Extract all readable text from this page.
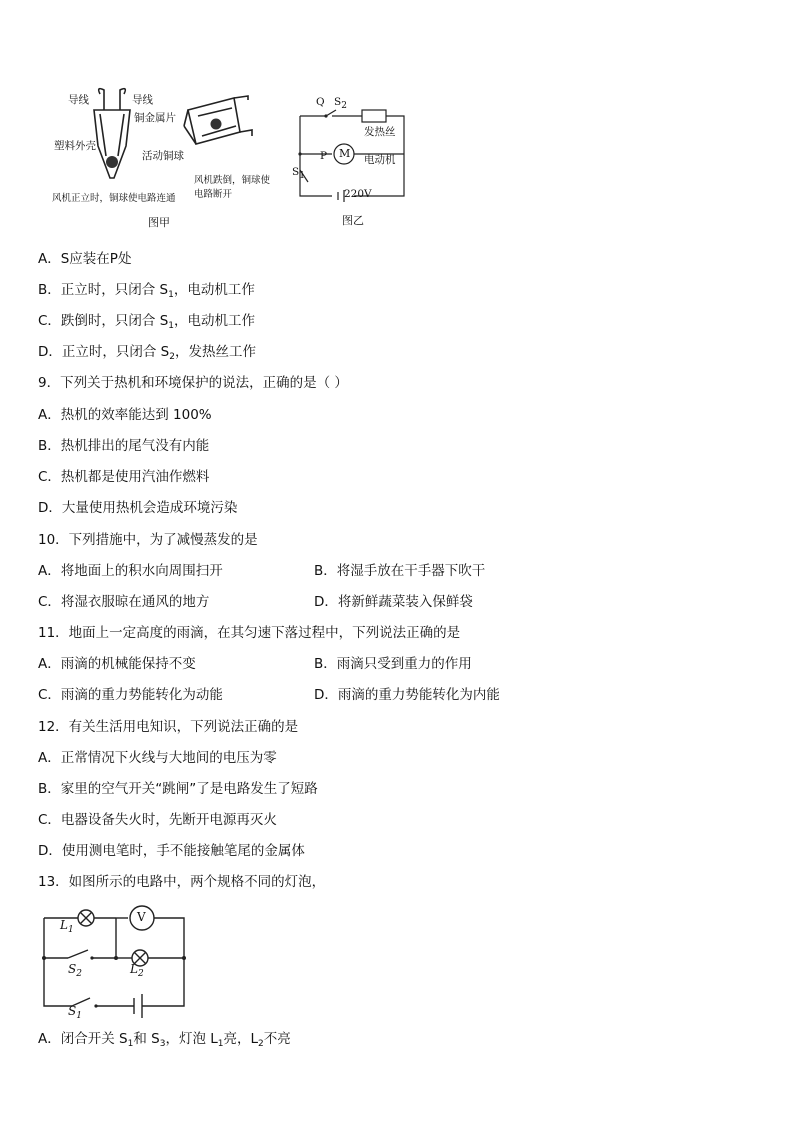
导线	导线
铜金属片
塑料外壳
活动铜球
风机正立时，铜球使电路连通
风机跌倒，铜球使
电路断开
图甲
Q $S_2$
发热丝
P M 电动机
$S_1$
220V
图乙
A．S应装在P处
B．正立时，只闭合 $S_1$，电动机工作
C．跌倒时，只闭合 $S_1$，电动机工作
D．正立时，只闭合 $S_2$，发热丝工作
9．下列关于热机和环境保护的说法，正确的是（ ）
A．热机的效率能达到 100%
B．热机排出的尾气没有内能
C．热机都是使用汽油作燃料
D．大量使用热机会造成环境污染
10．下列措施中，为了减慢蒸发的是
A．将地面上的积水向周围扫开	B．将湿手放在干手器下吹干
C．将湿衣服晾在通风的地方	D．将新鲜蔬菜装入保鲜袋
11．地面上一定高度的雨滴，在其匀速下落过程中，下列说法正确的是
A．雨滴的机械能保持不变	B．雨滴只受到重力的作用
C．雨滴的重力势能转化为动能	D．雨滴的重力势能转化为内能
12．有关生活用电知识，下列说法正确的是
A．正常情况下火线与大地间的电压为零
B．家里的空气开关“跳闸”了是电路发生了短路
C．电器设备失火时，先断开电源再灭火
D．使用测电笔时，手不能接触笔尾的金属体
13．如图所示的电路中，两个规格不同的灯泡，
$L_1$
V
$S_2$	$L_2$
$S_1$
A．闭合开关 $S_1$和 $S_3$，灯泡 $L_1$亮，$L_2$不亮
